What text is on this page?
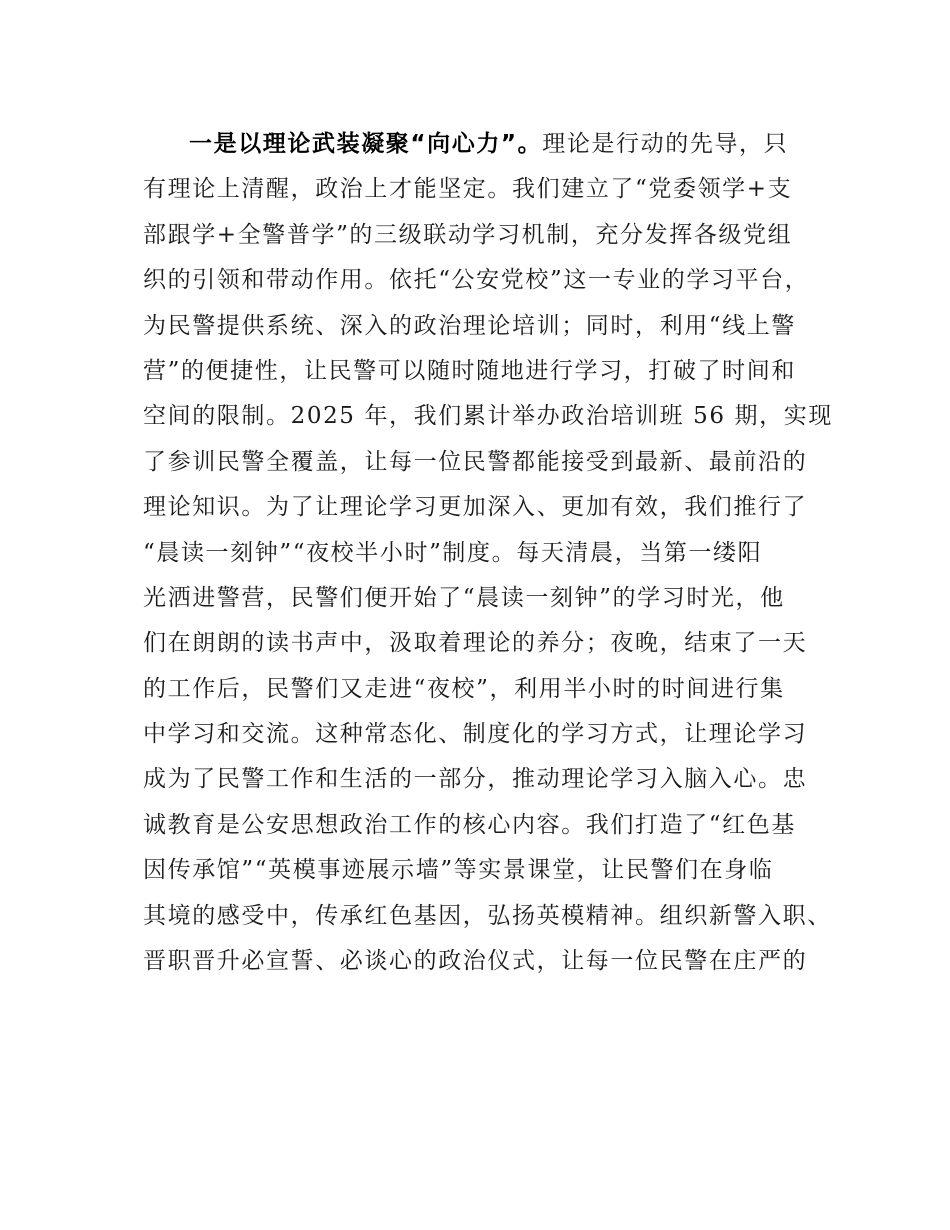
一是以理论武装凝聚“向心力”。理论是行动的先导，只
有理论上清醒，政治上才能坚定。我们建立了“党委领学+支
部跟学+全警普学”的三级联动学习机制，充分发挥各级党组
织的引领和带动作用。依托“公安党校”这一专业的学习平台，
为民警提供系统、深入的政治理论培训；同时，利用“线上警
营”的便捷性，让民警可以随时随地进行学习，打破了时间和
空间的限制。2025 年，我们累计举办政治培训班 56 期，实现
了参训民警全覆盖，让每一位民警都能接受到最新、最前沿的
理论知识。为了让理论学习更加深入、更加有效，我们推行了
“晨读一刻钟”“夜校半小时”制度。每天清晨，当第一缕阳
光洒进警营，民警们便开始了“晨读一刻钟”的学习时光，他
们在朗朗的读书声中，汲取着理论的养分；夜晚，结束了一天
的工作后，民警们又走进“夜校”，利用半小时的时间进行集
中学习和交流。这种常态化、制度化的学习方式，让理论学习
成为了民警工作和生活的一部分，推动理论学习入脑入心。忠
诚教育是公安思想政治工作的核心内容。我们打造了“红色基
因传承馆”“英模事迹展示墙”等实景课堂，让民警们在身临
其境的感受中，传承红色基因，弘扬英模精神。组织新警入职、
晋职晋升必宣誓、必谈心的政治仪式，让每一位民警在庄严的
